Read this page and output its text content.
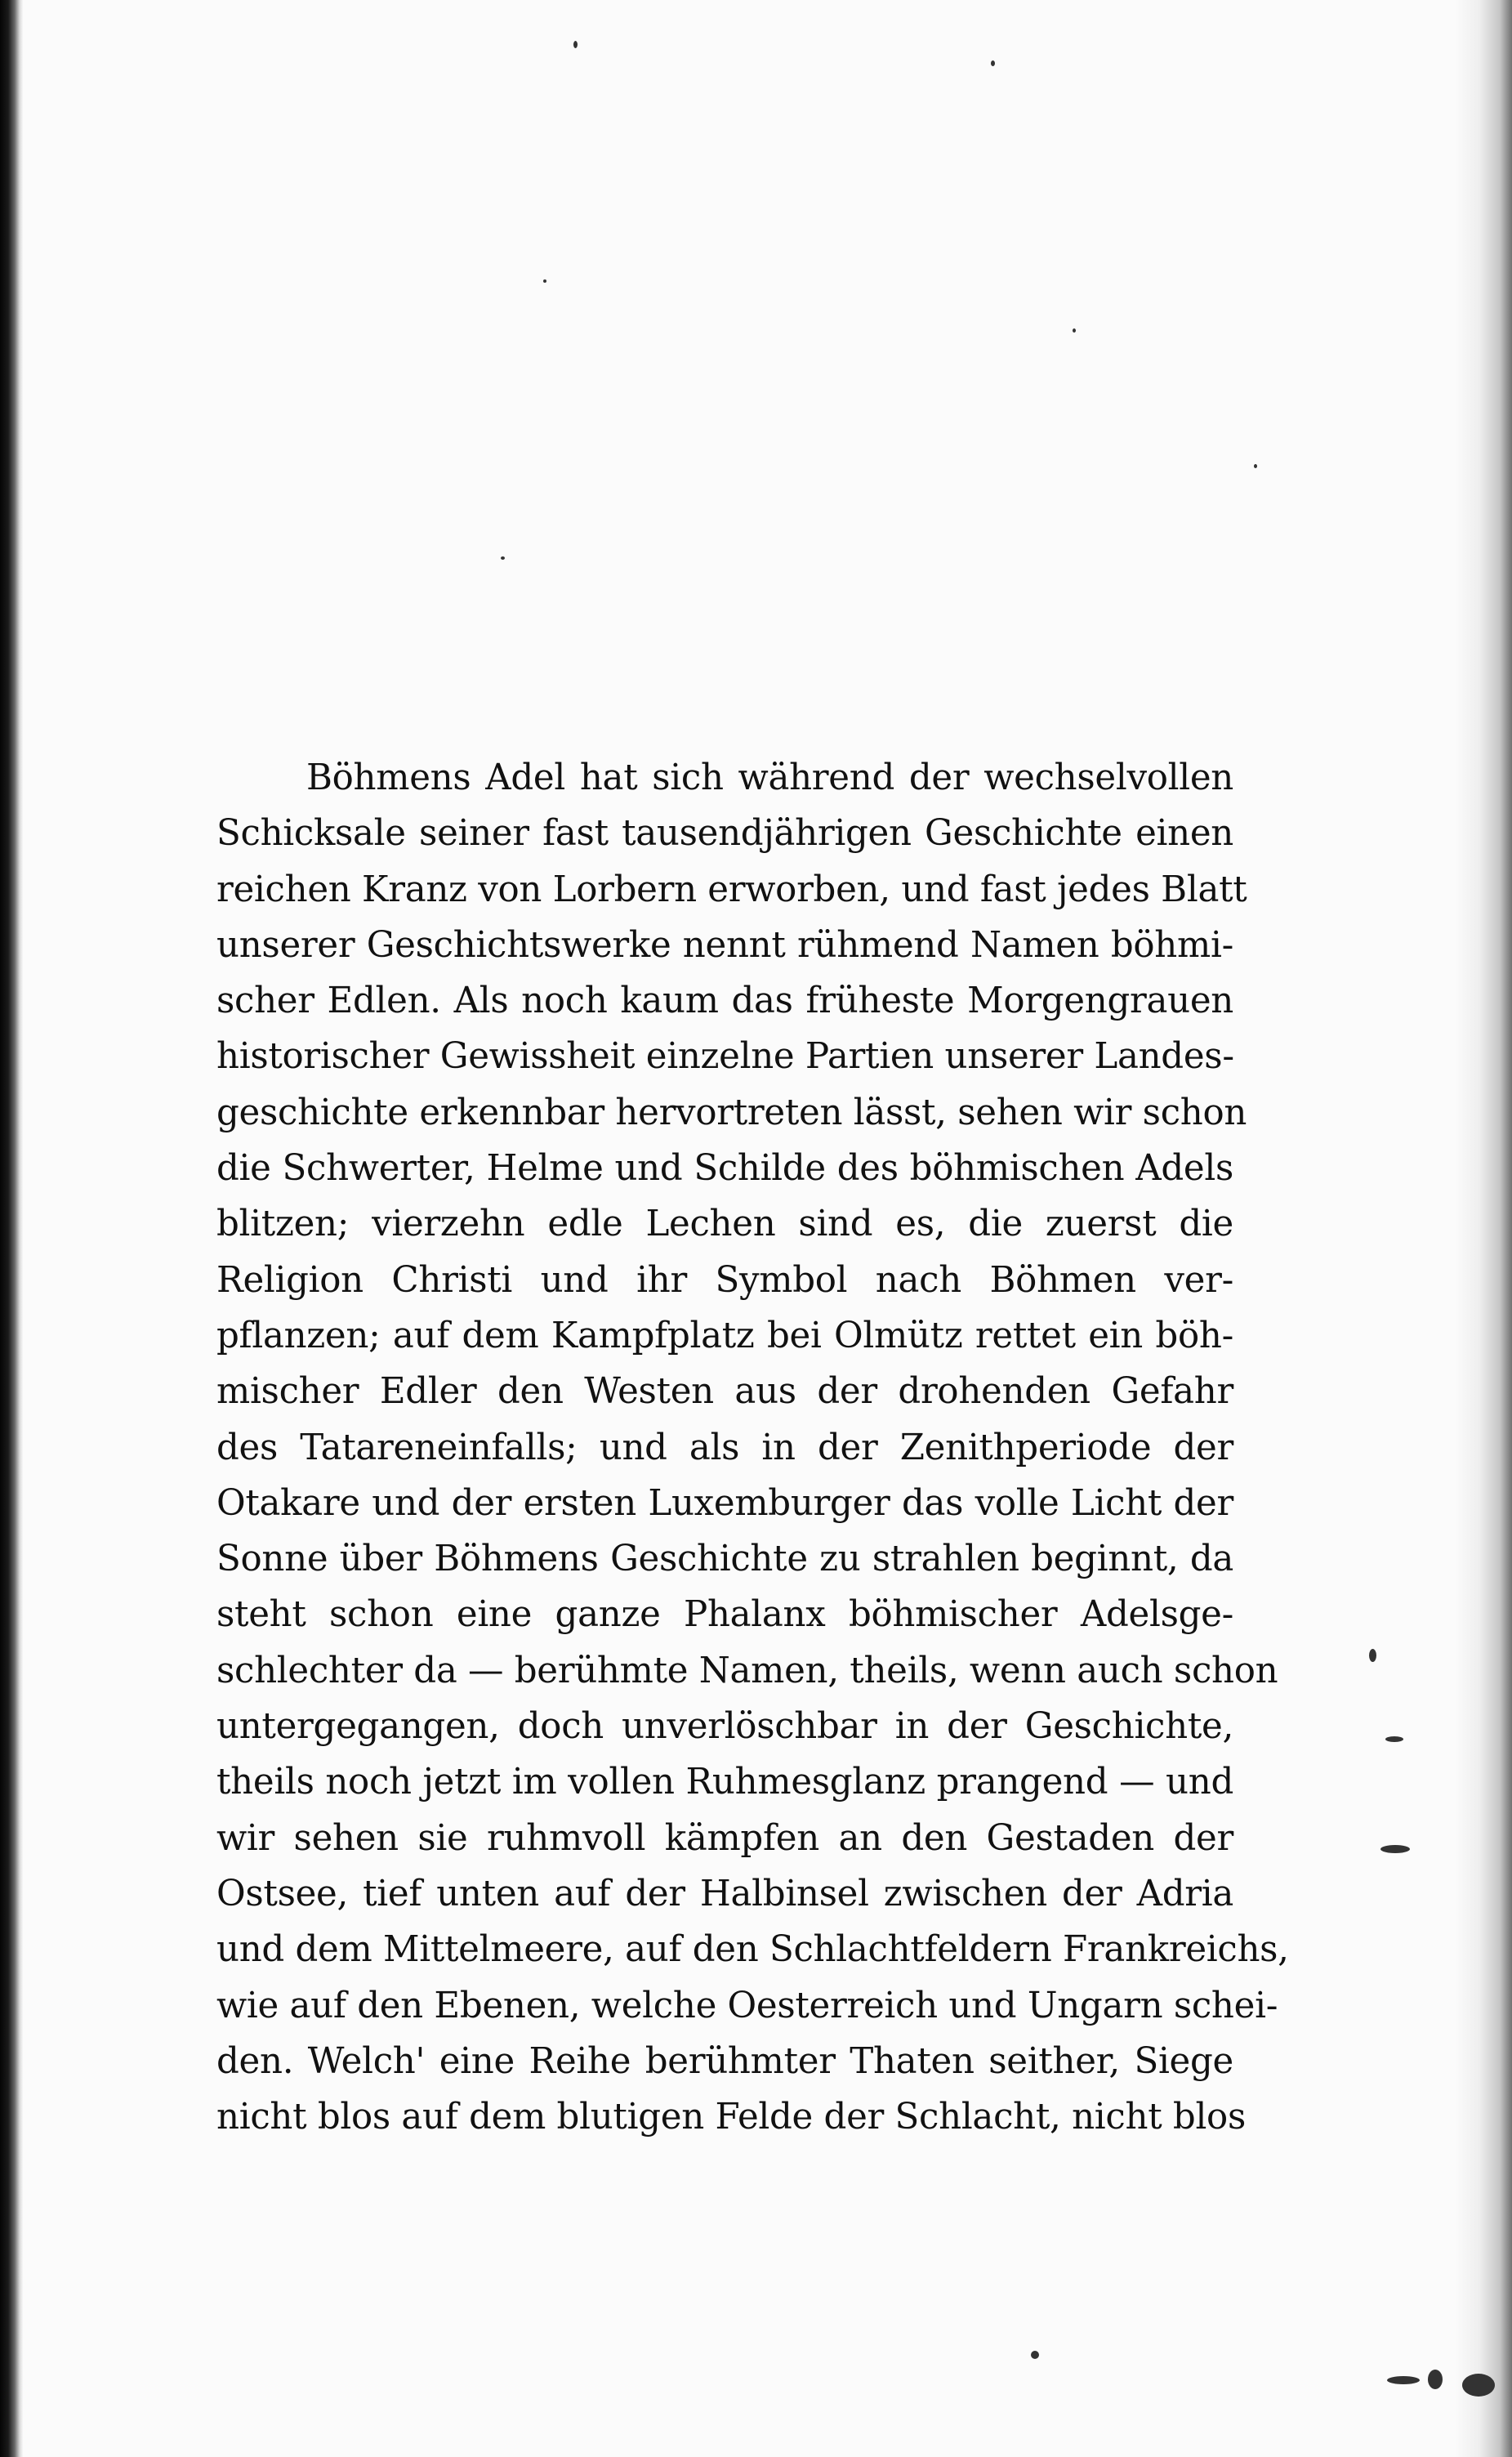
Böhmens Adel hat sich während der wechselvollen
Schicksale seiner fast tausendjährigen Geschichte einen
reichen Kranz von Lorbern erworben, und fast jedes Blatt
unserer Geschichtswerke nennt rühmend Namen böhmi-
scher Edlen. Als noch kaum das früheste Morgengrauen
historischer Gewissheit einzelne Partien unserer Landes-
geschichte erkennbar hervortreten lässt, sehen wir schon
die Schwerter, Helme und Schilde des böhmischen Adels
blitzen; vierzehn edle Lechen sind es, die zuerst die
Religion Christi und ihr Symbol nach Böhmen ver-
pflanzen; auf dem Kampfplatz bei Olmütz rettet ein böh-
mischer Edler den Westen aus der drohenden Gefahr
des Tatareneinfalls; und als in der Zenithperiode der
Otakare und der ersten Luxemburger das volle Licht der
Sonne über Böhmens Geschichte zu strahlen beginnt, da
steht schon eine ganze Phalanx böhmischer Adelsge-
schlechter da — berühmte Namen, theils, wenn auch schon
untergegangen, doch unverlöschbar in der Geschichte,
theils noch jetzt im vollen Ruhmesglanz prangend — und
wir sehen sie ruhmvoll kämpfen an den Gestaden der
Ostsee, tief unten auf der Halbinsel zwischen der Adria
und dem Mittelmeere, auf den Schlachtfeldern Frankreichs,
wie auf den Ebenen, welche Oesterreich und Ungarn schei-
den. Welch' eine Reihe berühmter Thaten seither, Siege
nicht blos auf dem blutigen Felde der Schlacht, nicht blos
